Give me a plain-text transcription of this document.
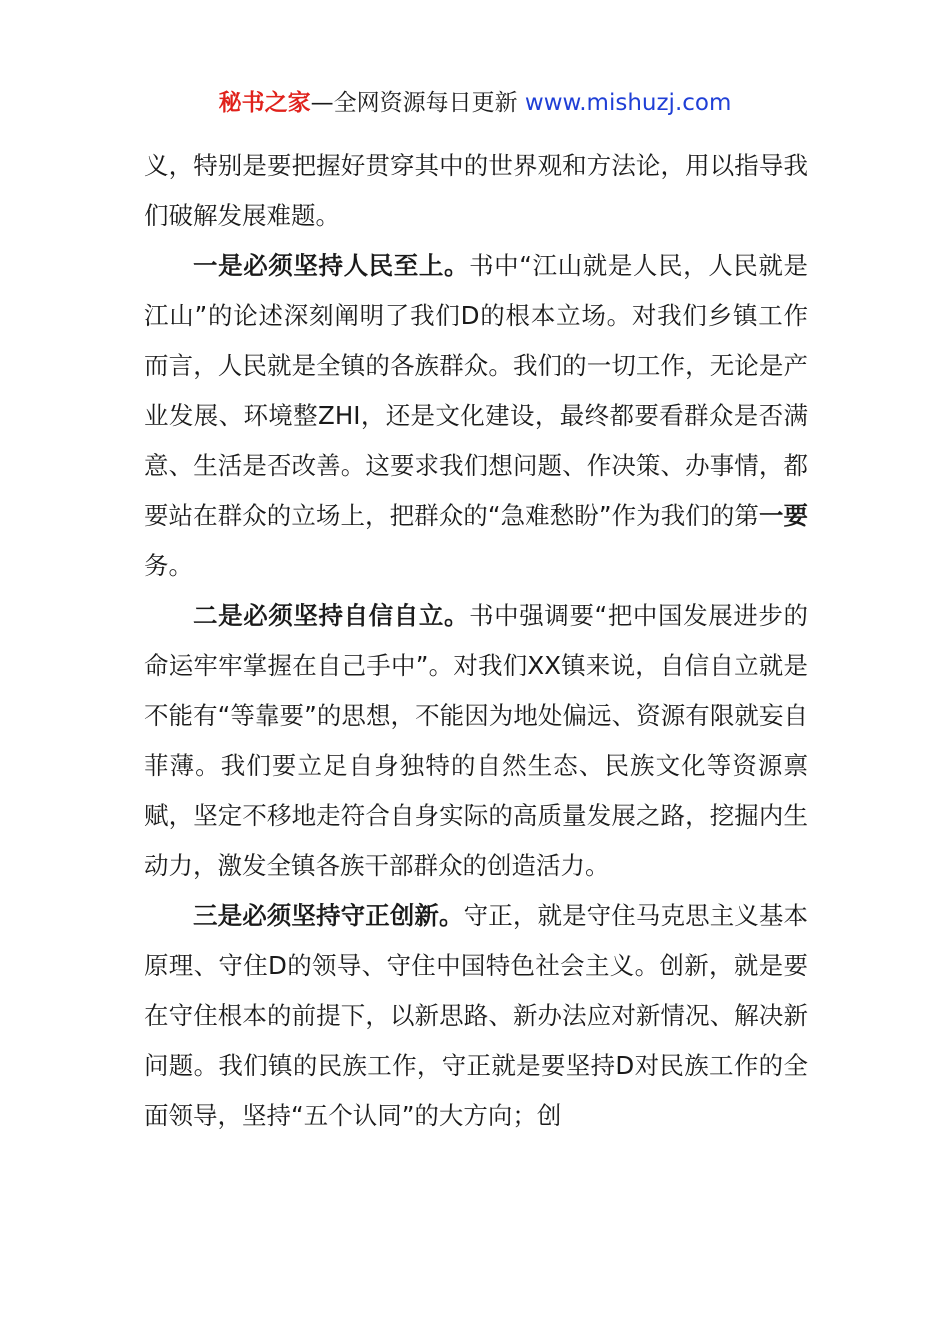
秘书之家—全网资源每日更新 www.mishuzj.com

义，特别是要把握好贯穿其中的世界观和方法论，用以指导我们破解发展难题。

一是必须坚持人民至上。书中“江山就是人民，人民就是江山”的论述深刻阐明了我们D的根本立场。对我们乡镇工作而言，人民就是全镇的各族群众。我们的一切工作，无论是产业发展、环境整ZHI，还是文化建设，最终都要看群众是否满意、生活是否改善。这要求我们想问题、作决策、办事情，都要站在群众的立场上，把群众的“急难愁盼”作为我们的第一要务。

二是必须坚持自信自立。书中强调要“把中国发展进步的命运牢牢掌握在自己手中”。对我们XX镇来说，自信自立就是不能有“等靠要”的思想，不能因为地处偏远、资源有限就妄自菲薄。我们要立足自身独特的自然生态、民族文化等资源禀赋，坚定不移地走符合自身实际的高质量发展之路，挖掘内生动力，激发全镇各族干部群众的创造活力。

三是必须坚持守正创新。守正，就是守住马克思主义基本原理、守住D的领导、守住中国特色社会主义。创新，就是要在守住根本的前提下，以新思路、新办法应对新情况、解决新问题。我们镇的民族工作，守正就是要坚持D对民族工作的全面领导，坚持“五个认同”的大方向；创
